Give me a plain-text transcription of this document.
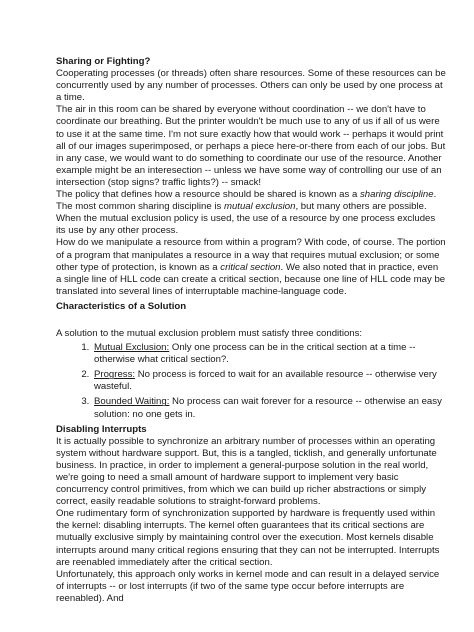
Sharing or Fighting?

Cooperating processes (or threads) often share resources. Some of these resources can be concurrently used by any number of processes. Others can only be used by one process at a time.

The air in this room can be shared by everyone without coordination -- we don't have to coordinate our breathing. But the printer wouldn't be much use to any of us if all of us were to use it at the same time. I'm not sure exactly how that would work -- perhaps it would print all of our images superimposed, or perhaps a piece here-or-there from each of our jobs. But in any case, we would want to do something to coordinate our use of the resource. Another example might be an interesection -- unless we have some way of controlling our use of an intersection (stop signs? traffic lights?) -- smack!

The policy that defines how a resource should be shared is known as a sharing discipline. The most common sharing discipline is mutual exclusion, but many others are possible. When the mutual exclusion policy is used, the use of a resource by one process excludes its use by any other process.

How do we manipulate a resource from within a program? With code, of course. The portion of a program that manipulates a resource in a way that requires mutual exclusion; or some other type of protection, is known as a critical section. We also noted that in practice, even a single line of HLL code can create a critical section, because one line of HLL code may be translated into several lines of interruptable machine-language code.

Characteristics of a Solution

A solution to the mutual exclusion problem must satisfy three conditions:

1. Mutual Exclusion: Only one process can be in the critical section at a time -- otherwise what critical section?.
2. Progress: No process is forced to wait for an available resource -- otherwise very wasteful.
3. Bounded Waiting: No process can wait forever for a resource -- otherwise an easy solution: no one gets in.

Disabling Interrupts

It is actually possible to synchronize an arbitrary number of processes within an operating system without hardware support. But, this is a tangled, ticklish, and generally unfortunate business. In practice, in order to implement a general-purpose solution in the real world, we're going to need a small amount of hardware support to implement very basic concurrency control primitives, from which we can build up richer abstractions or simply correct, easily readable solutions to straight-forward problems.

One rudimentary form of synchronization supported by hardware is frequently used within the kernel: disabling interrupts. The kernel often guarantees that its critical sections are mutually exclusive simply by maintaining control over the execution. Most kernels disable interrupts around many critical regions ensuring that they can not be interrupted. Interrupts are reenabled immediately after the critical section.

Unfortunately, this approach only works in kernel mode and can result in a delayed service of interrupts -- or lost interrupts (if two of the same type occur before interrupts are reenabled). And
